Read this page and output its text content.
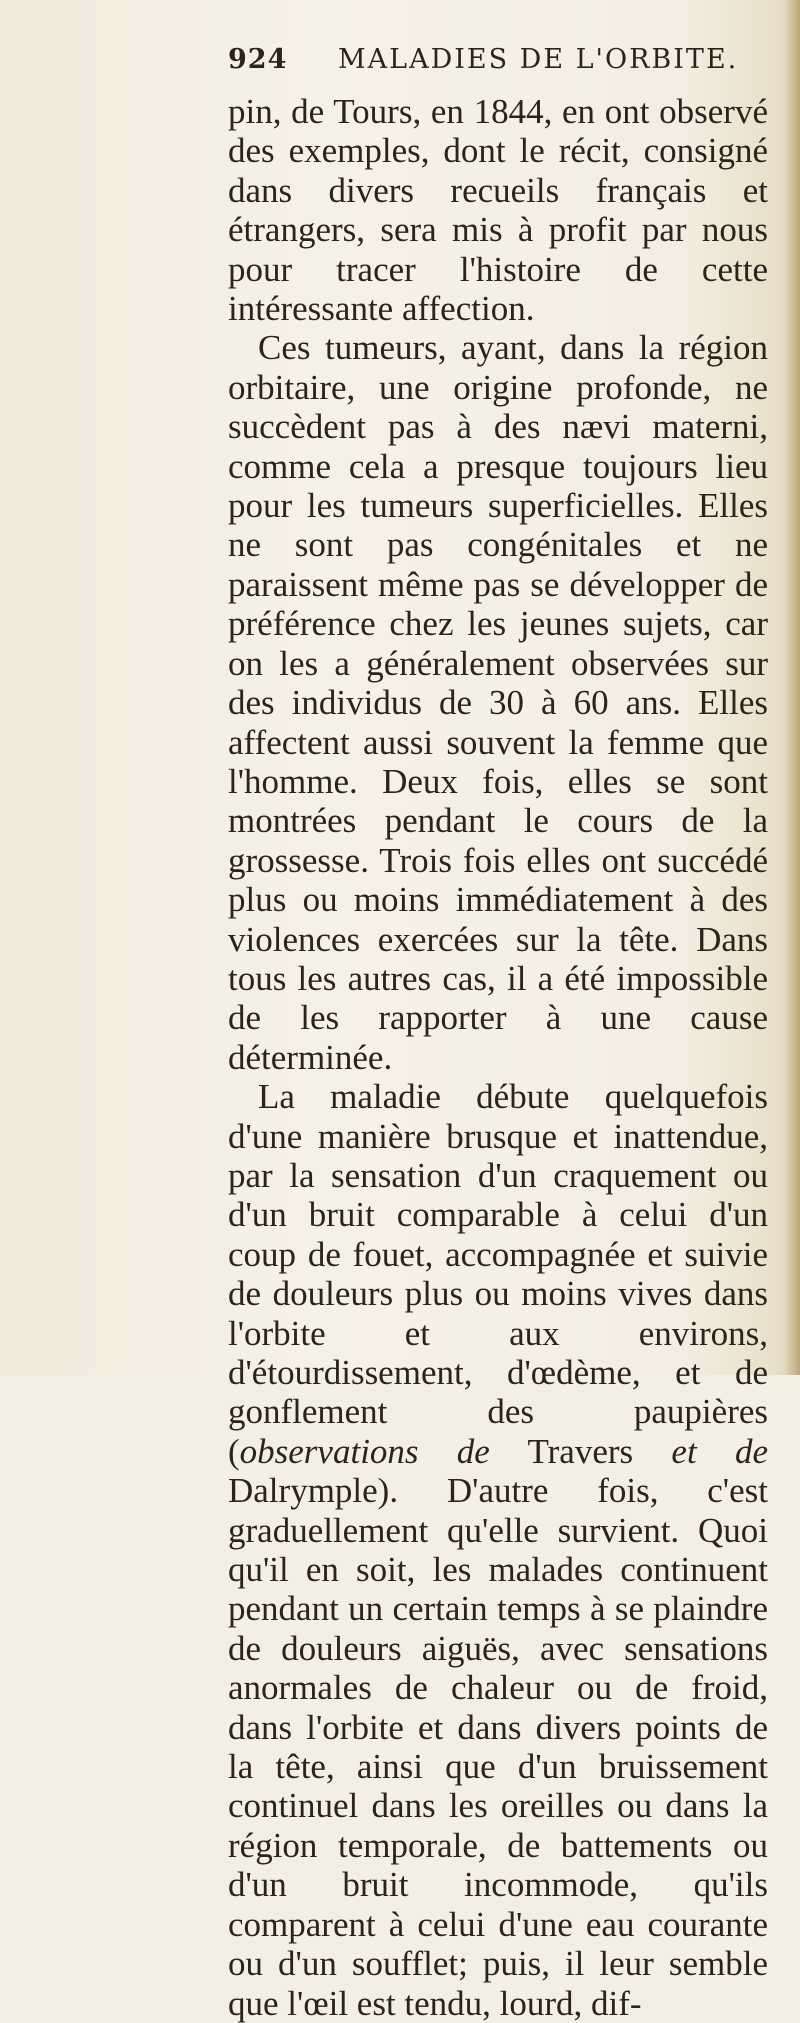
924 MALADIES DE L'ORBITE.

pin, de Tours, en 1844, en ont observé des exemples, dont le récit, consigné dans divers recueils français et étrangers, sera mis à profit par nous pour tracer l'histoire de cette intéressante affection.

Ces tumeurs, ayant, dans la région orbitaire, une origine profonde, ne succèdent pas à des nævi materni, comme cela a presque toujours lieu pour les tumeurs superficielles. Elles ne sont pas congénitales et ne paraissent même pas se développer de préférence chez les jeunes sujets, car on les a généralement observées sur des individus de 30 à 60 ans. Elles affectent aussi souvent la femme que l'homme. Deux fois, elles se sont montrées pendant le cours de la grossesse. Trois fois elles ont succédé plus ou moins immédiatement à des violences exercées sur la tête. Dans tous les autres cas, il a été impossible de les rapporter à une cause déterminée.

La maladie débute quelquefois d'une manière brusque et inattendue, par la sensation d'un craquement ou d'un bruit comparable à celui d'un coup de fouet, accompagnée et suivie de douleurs plus ou moins vives dans l'orbite et aux environs, d'étourdissement, d'œdème, et de gonflement des paupières (observations de Travers et de Dalrymple). D'autre fois, c'est graduellement qu'elle survient. Quoi qu'il en soit, les malades continuent pendant un certain temps à se plaindre de douleurs aiguës, avec sensations anormales de chaleur ou de froid, dans l'orbite et dans divers points de la tête, ainsi que d'un bruissement continuel dans les oreilles ou dans la région temporale, de battements ou d'un bruit incommode, qu'ils comparent à celui d'une eau courante ou d'un soufflet; puis, il leur semble que l'œil est tendu, lourd, dif-
